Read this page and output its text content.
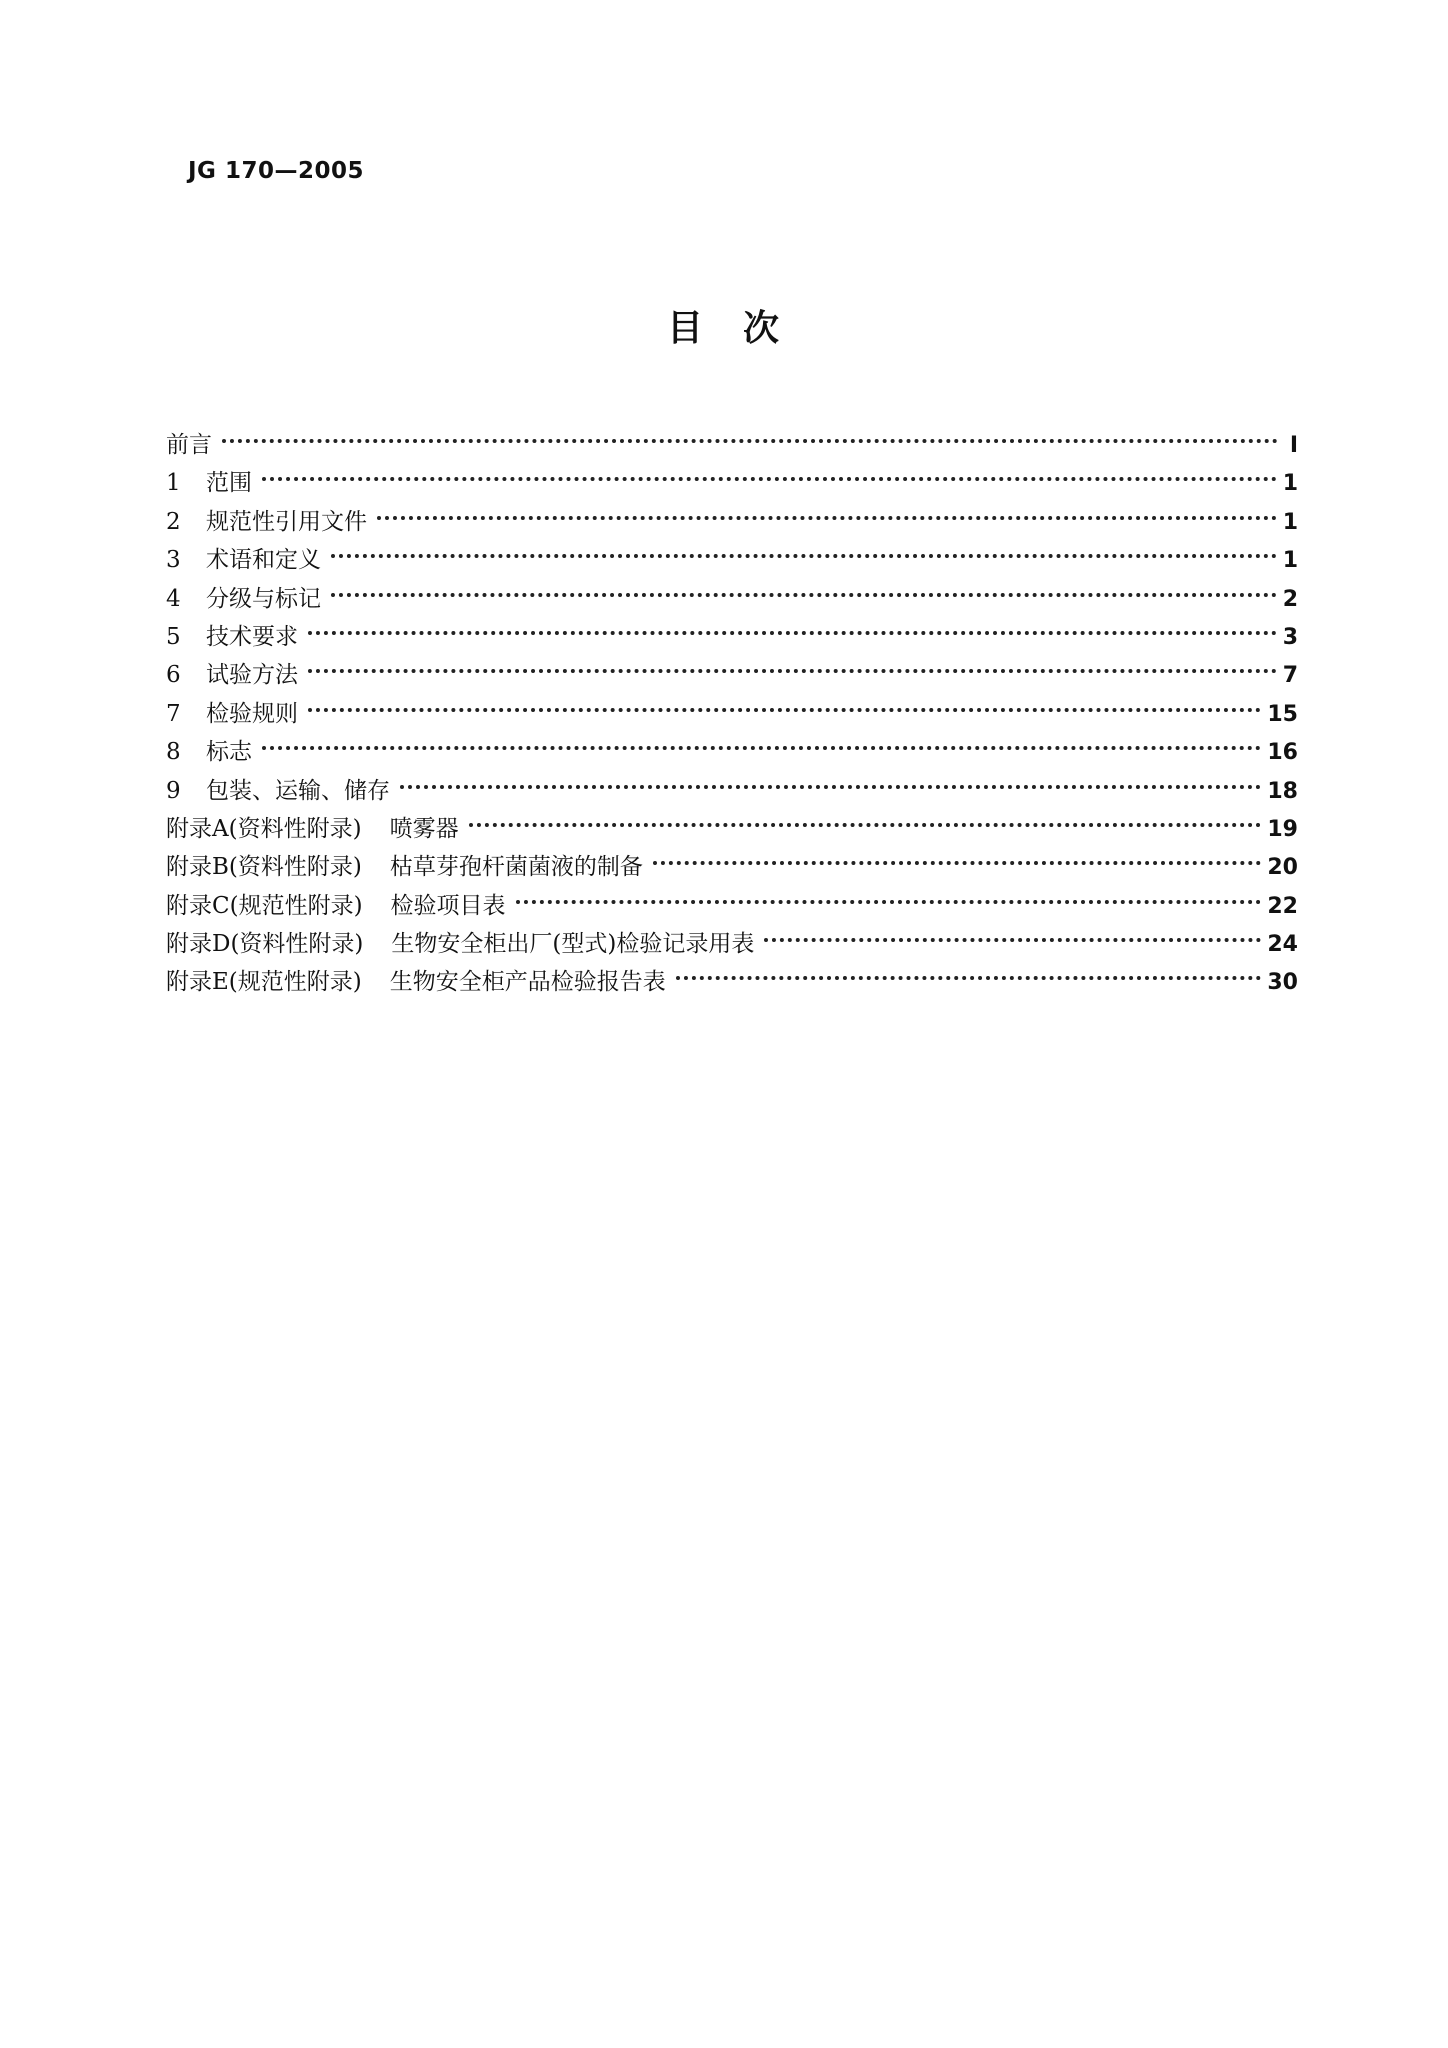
JG 170—2005
目　次
前言	I
1	范围	1
2	规范性引用文件	1
3	术语和定义	1
4	分级与标记	2
5	技术要求	3
6	试验方法	7
7	检验规则	15
8	标志	16
9	包装、运输、储存	18
附录A(资料性附录) 喷雾器	19
附录B(资料性附录) 枯草芽孢杆菌菌液的制备	20
附录C(规范性附录) 检验项目表	22
附录D(资料性附录) 生物安全柜出厂(型式)检验记录用表	24
附录E(规范性附录) 生物安全柜产品检验报告表	30
